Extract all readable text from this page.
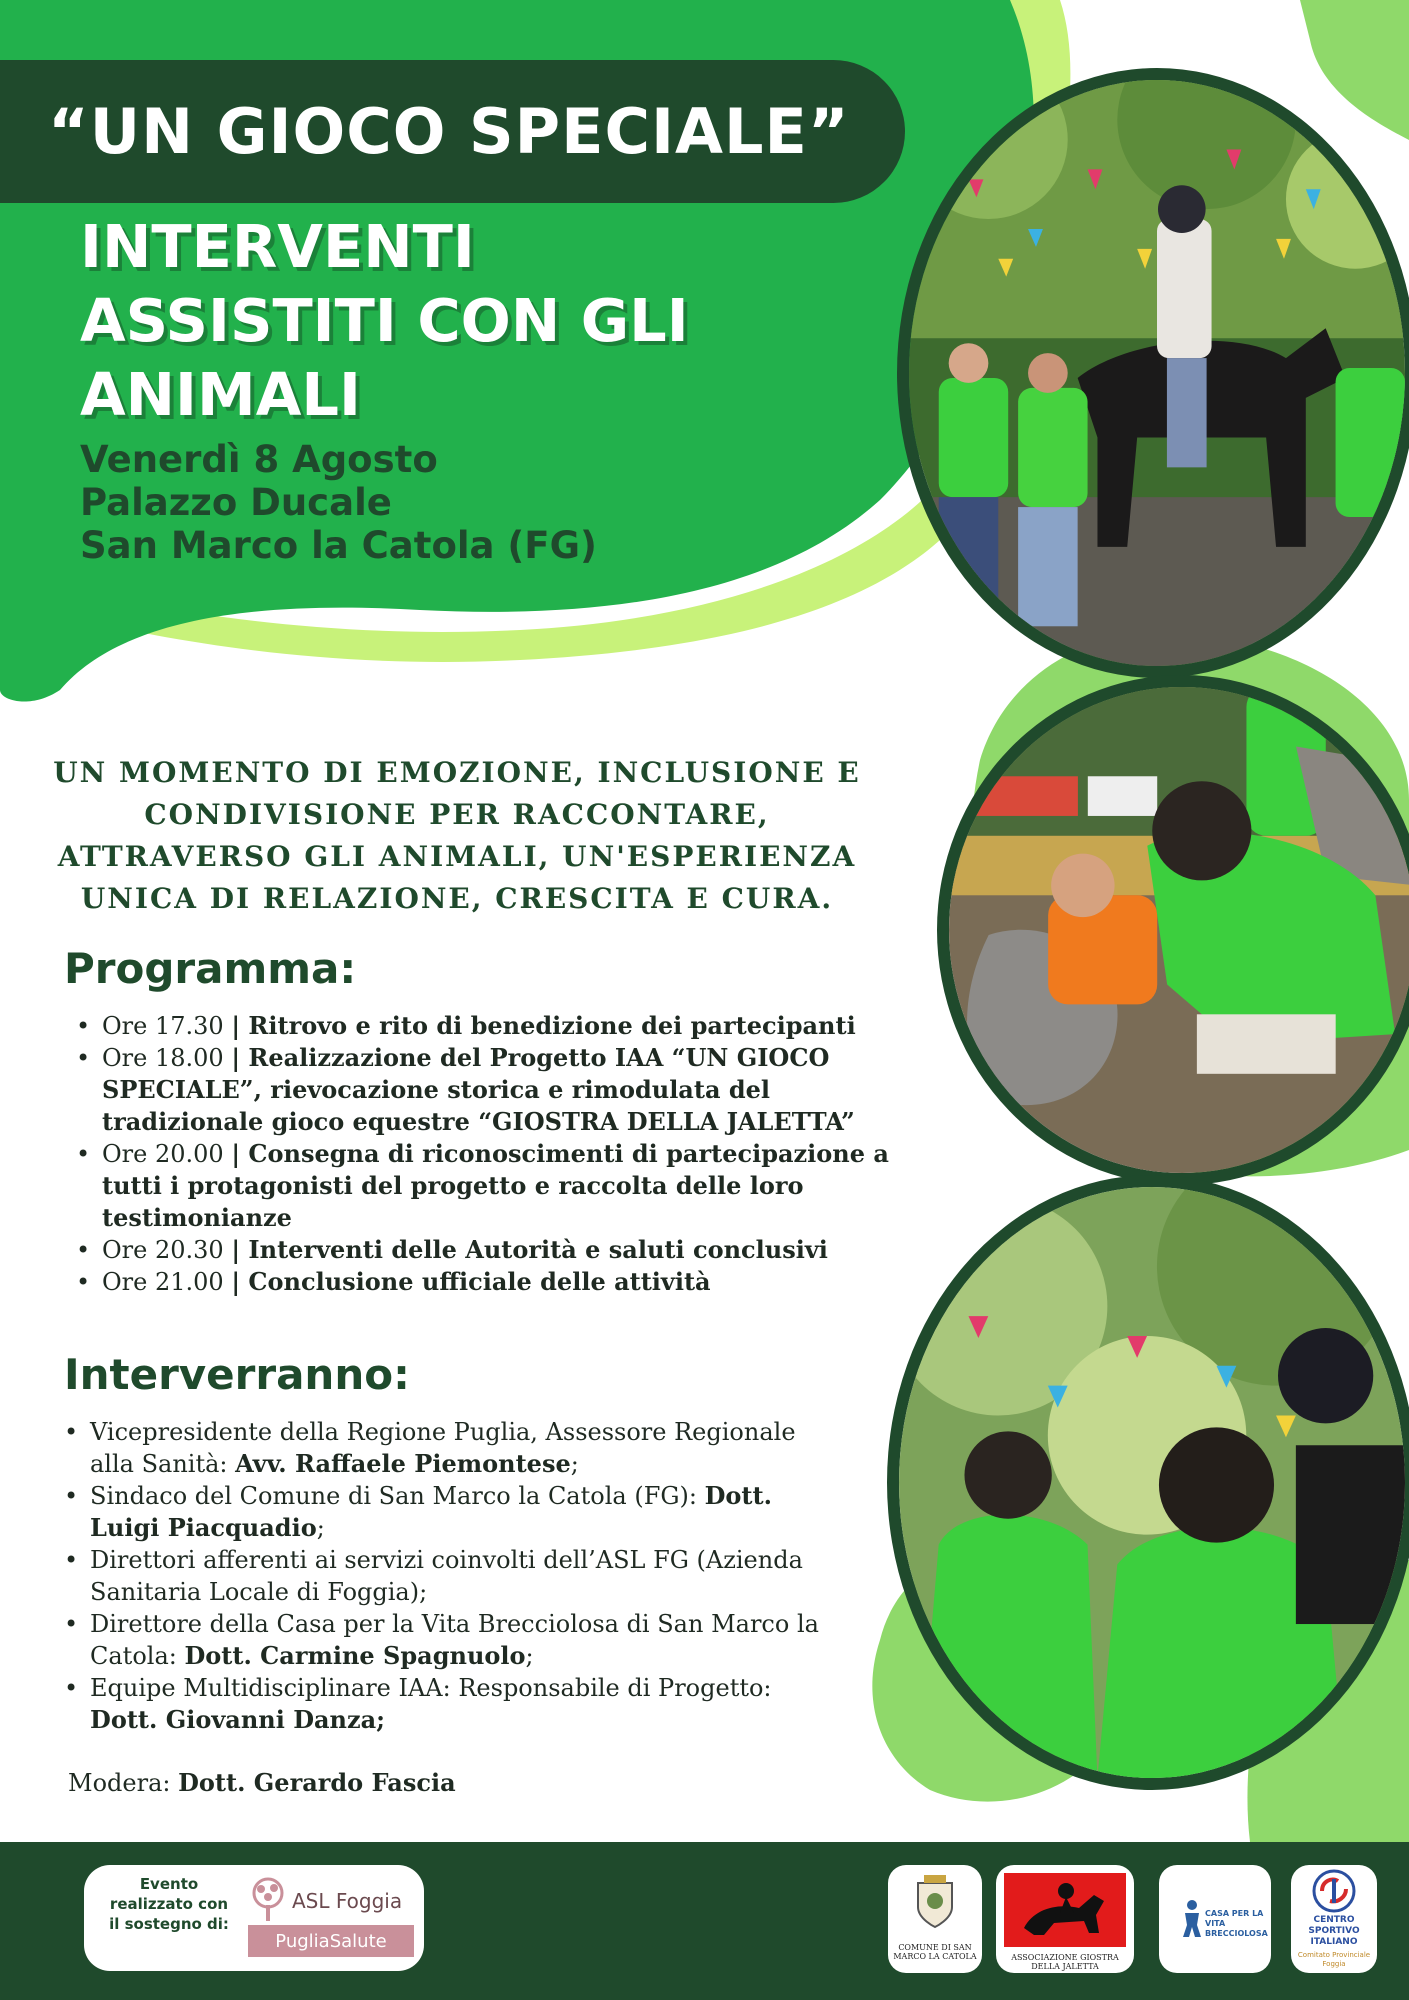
“UN GIOCO SPECIALE”
INTERVENTI
ASSISTITI CON GLI
ANIMALI
Venerdì 8 Agosto
Palazzo Ducale
San Marco la Catola (FG)
UN MOMENTO DI EMOZIONE, INCLUSIONE E CONDIVISIONE PER RACCONTARE, ATTRAVERSO GLI ANIMALI, UN'ESPERIENZA UNICA DI RELAZIONE, CRESCITA E CURA.
Programma:
• Ore 17.30 | Ritrovo e rito di benedizione dei partecipanti
• Ore 18.00 | Realizzazione del Progetto IAA “UN GIOCO SPECIALE”, rievocazione storica e rimodulata del tradizionale gioco equestre “GIOSTRA DELLA JALETTA”
• Ore 20.00 | Consegna di riconoscimenti di partecipazione a tutti i protagonisti del progetto e raccolta delle loro testimonianze
• Ore 20.30 | Interventi delle Autorità e saluti conclusivi
• Ore 21.00 | Conclusione ufficiale delle attività
Interverranno:
• Vicepresidente della Regione Puglia, Assessore Regionale alla Sanità: Avv. Raffaele Piemontese;
• Sindaco del Comune di San Marco la Catola (FG): Dott. Luigi Piacquadio;
• Direttori afferenti ai servizi coinvolti dell’ASL FG (Azienda Sanitaria Locale di Foggia);
• Direttore della Casa per la Vita Brecciolosa di San Marco la Catola: Dott. Carmine Spagnuolo;
• Equipe Multidisciplinare IAA: Responsabile di Progetto: Dott. Giovanni Danza;
Modera: Dott. Gerardo Fascia
Evento realizzato con il sostegno di:
ASL Foggia
PugliaSalute	COMUNE DI SAN MARCO LA CATOLA	ASSOCIAZIONE GIOSTRA DELLA JALETTA
CASA PER LA VITA BRECCIOLOSA
CENTRO
SPORTIVO
ITALIANO
Comitato Provinciale Foggia
